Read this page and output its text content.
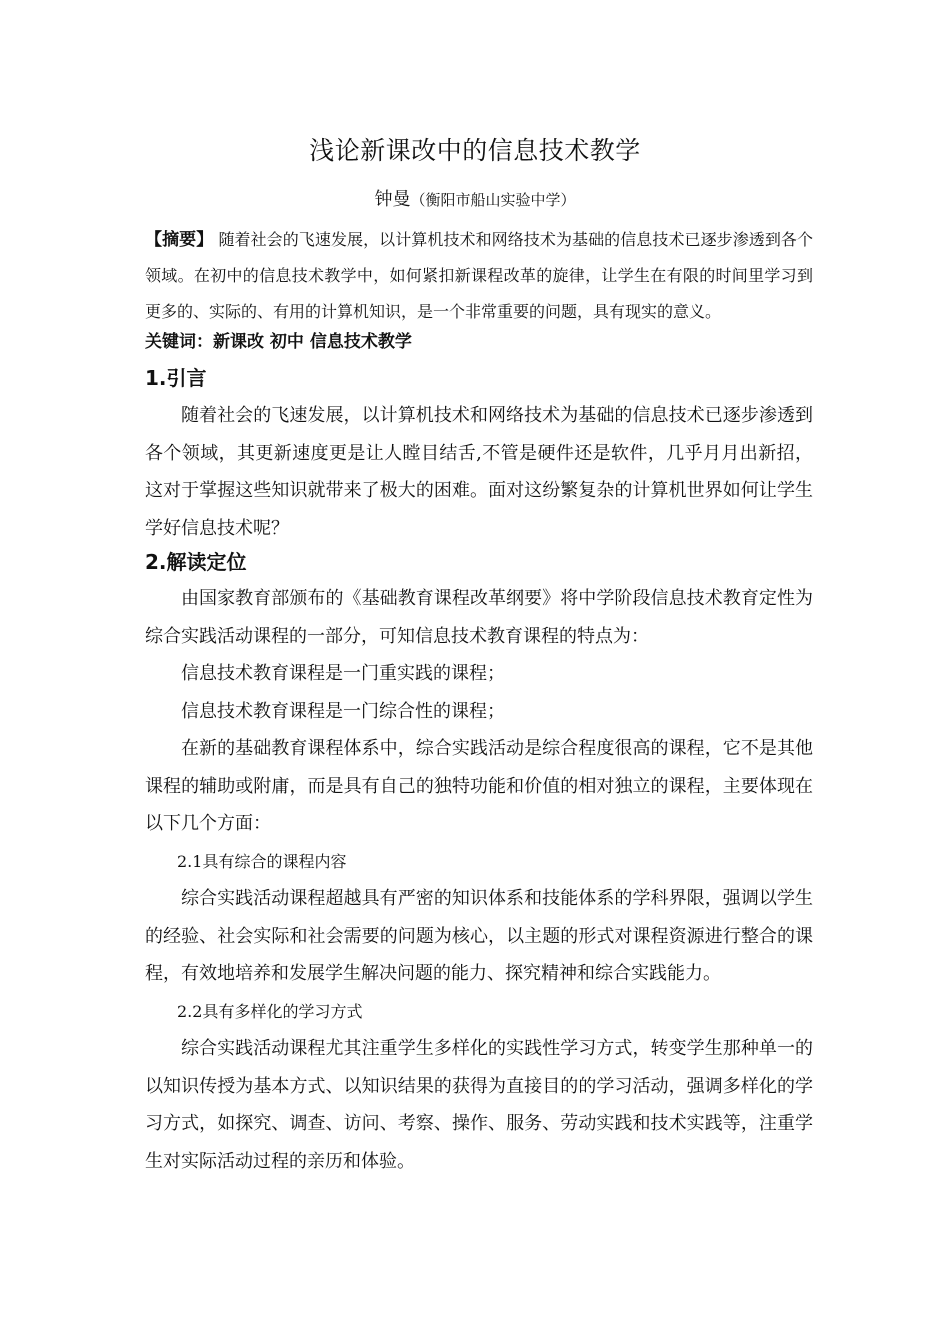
浅论新课改中的信息技术教学
钟曼（衡阳市船山实验中学）
【摘要】 随着社会的飞速发展，以计算机技术和网络技术为基础的信息技术已逐步渗透到各个领域。在初中的信息技术教学中，如何紧扣新课程改革的旋律，让学生在有限的时间里学习到更多的、实际的、有用的计算机知识，是一个非常重要的问题，具有现实的意义。
关键词：新课改 初中 信息技术教学
1.引言

随着社会的飞速发展，以计算机技术和网络技术为基础的信息技术已逐步渗透到各个领域，其更新速度更是让人瞠目结舌,不管是硬件还是软件，几乎月月出新招，这对于掌握这些知识就带来了极大的困难。面对这纷繁复杂的计算机世界如何让学生学好信息技术呢？

2.解读定位

由国家教育部颁布的《基础教育课程改革纲要》将中学阶段信息技术教育定性为综合实践活动课程的一部分，可知信息技术教育课程的特点为：

信息技术教育课程是一门重实践的课程；

信息技术教育课程是一门综合性的课程；

在新的基础教育课程体系中，综合实践活动是综合程度很高的课程，它不是其他课程的辅助或附庸，而是具有自己的独特功能和价值的相对独立的课程，主要体现在以下几个方面：

2.1具有综合的课程内容

综合实践活动课程超越具有严密的知识体系和技能体系的学科界限，强调以学生的经验、社会实际和社会需要的问题为核心，以主题的形式对课程资源进行整合的课程，有效地培养和发展学生解决问题的能力、探究精神和综合实践能力。

2.2具有多样化的学习方式

综合实践活动课程尤其注重学生多样化的实践性学习方式，转变学生那种单一的以知识传授为基本方式、以知识结果的获得为直接目的的学习活动，强调多样化的学习方式，如探究、调查、访问、考察、操作、服务、劳动实践和技术实践等，注重学生对实际活动过程的亲历和体验。
